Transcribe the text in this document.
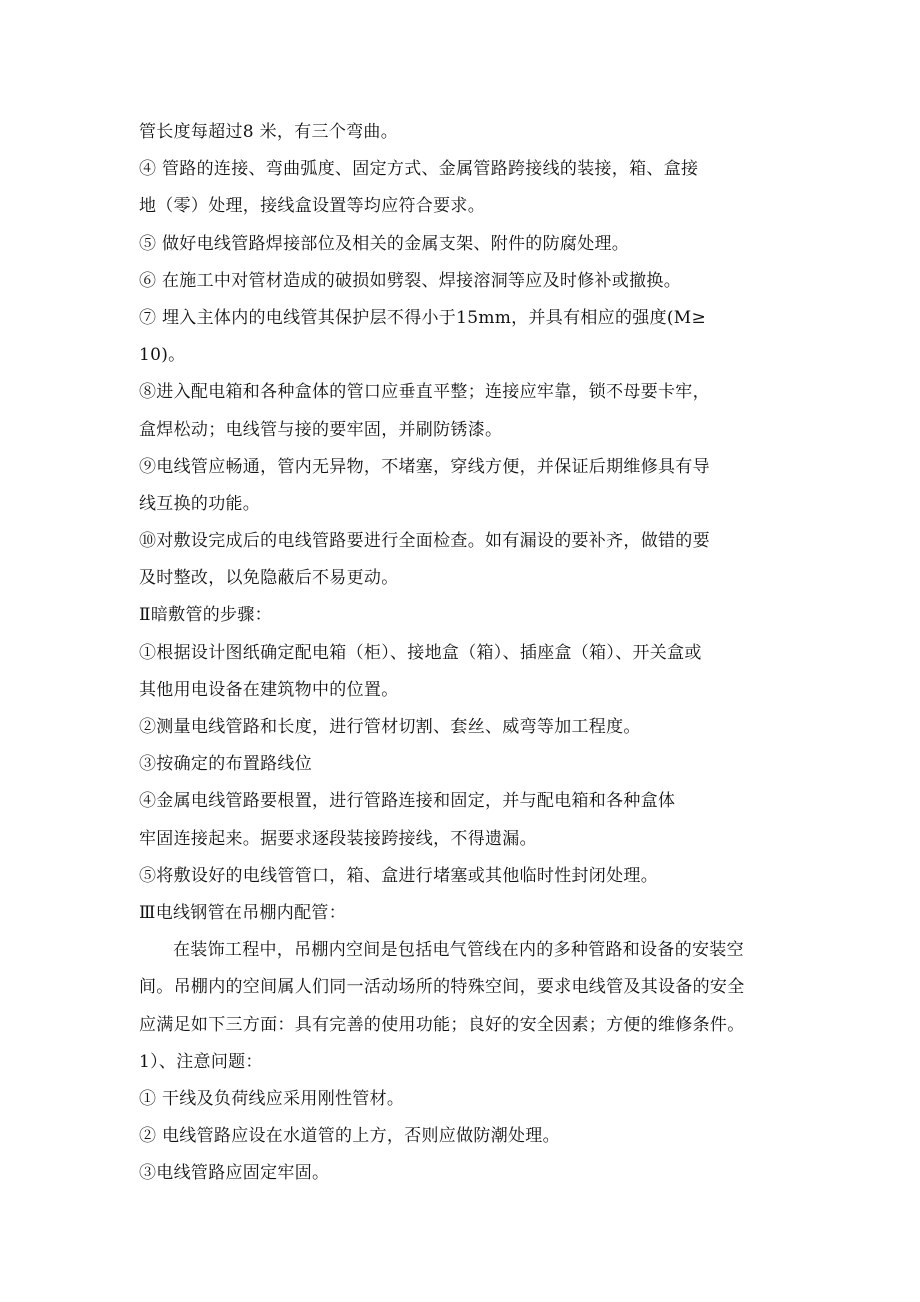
管长度每超过8 米，有三个弯曲。
④ 管路的连接、弯曲弧度、固定方式、金属管路跨接线的装接，箱、盒接
地（零）处理，接线盒设置等均应符合要求。
⑤ 做好电线管路焊接部位及相关的金属支架、附件的防腐处理。
⑥ 在施工中对管材造成的破损如劈裂、焊接溶洞等应及时修补或撤换。
⑦ 埋入主体内的电线管其保护层不得小于15mm，并具有相应的强度(M≥
10)。
⑧进入配电箱和各种盒体的管口应垂直平整；连接应牢靠，锁不母要卡牢，
盒焊松动；电线管与接的要牢固，并刷防锈漆。
⑨电线管应畅通，管内无异物，不堵塞，穿线方便，并保证后期维修具有导
线互换的功能。
⑩对敷设完成后的电线管路要进行全面检查。如有漏设的要补齐，做错的要
及时整改，以免隐蔽后不易更动。
Ⅱ暗敷管的步骤：
①根据设计图纸确定配电箱（柜）、接地盒（箱）、插座盒（箱）、开关盒或
其他用电设备在建筑物中的位置。
②测量电线管路和长度，进行管材切割、套丝、威弯等加工程度。
③按确定的布置路线位
④金属电线管路要根置，进行管路连接和固定，并与配电箱和各种盒体
牢固连接起来。据要求逐段装接跨接线，不得遗漏。
⑤将敷设好的电线管管口，箱、盒进行堵塞或其他临时性封闭处理。
Ⅲ电线钢管在吊棚内配管：
在装饰工程中，吊棚内空间是包括电气管线在内的多种管路和设备的安装空
间。吊棚内的空间属人们同一活动场所的特殊空间，要求电线管及其设备的安全
应满足如下三方面：具有完善的使用功能；良好的安全因素；方便的维修条件。
1）、注意问题：
① 干线及负荷线应采用刚性管材。
② 电线管路应设在水道管的上方，否则应做防潮处理。
③电线管路应固定牢固。
